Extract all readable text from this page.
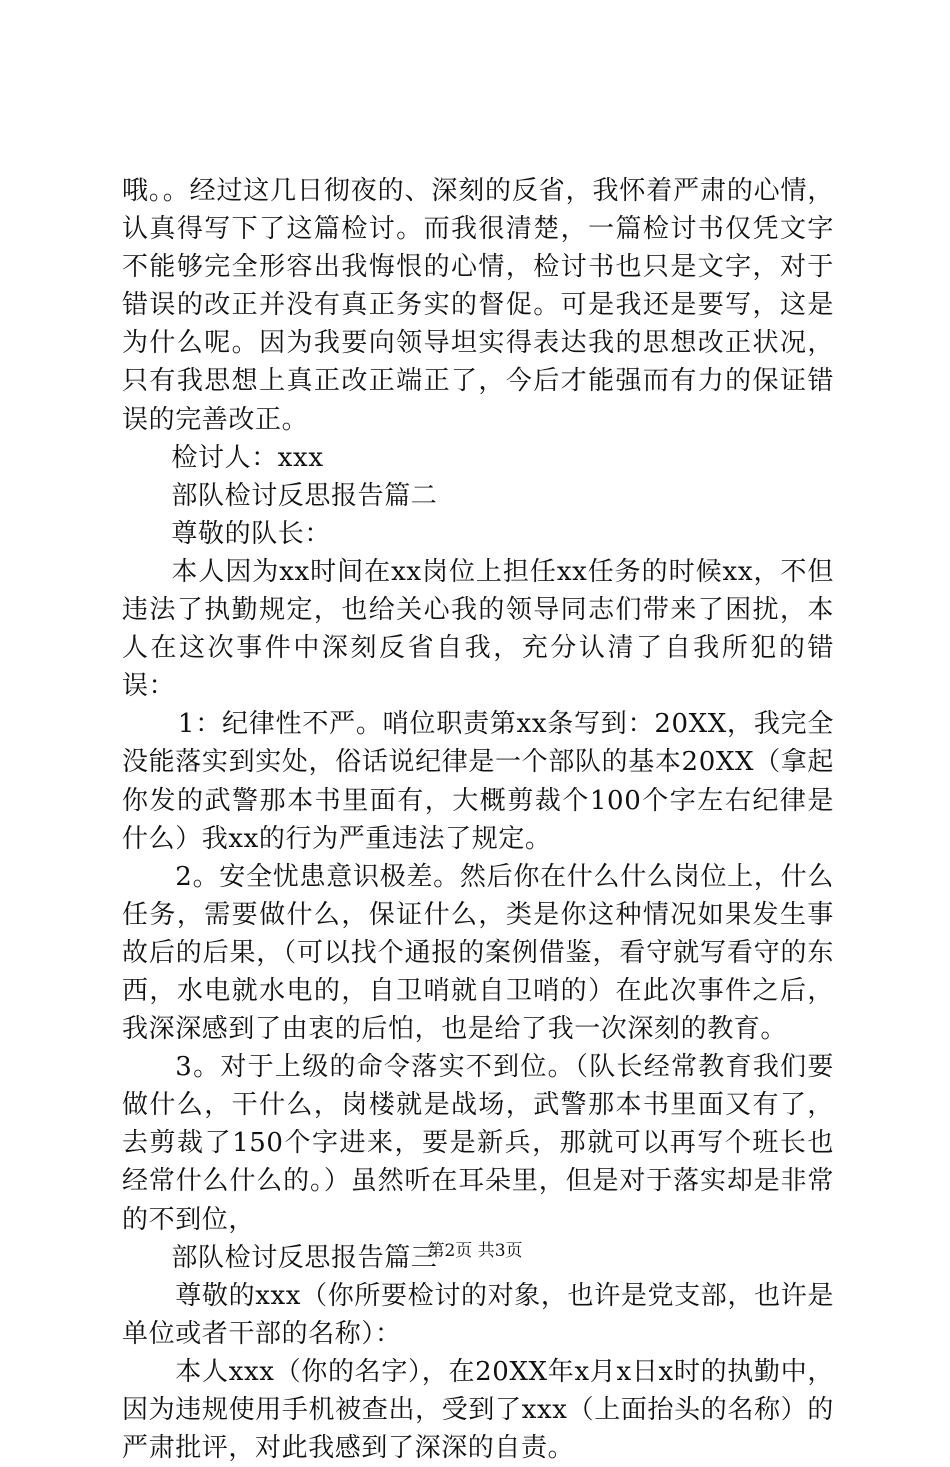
哦。。经过这几日彻夜的、深刻的反省，我怀着严肃的心情，认真得写下了这篇检讨。而我很清楚，一篇检讨书仅凭文字不能够完全形容出我悔恨的心情，检讨书也只是文字，对于错误的改正并没有真正务实的督促。可是我还是要写，这是为什么呢。因为我要向领导坦实得表达我的思想改正状况，只有我思想上真正改正端正了，今后才能强而有力的保证错误的完善改正。

检讨人：xxx

部队检讨反思报告篇二

尊敬的队长：

本人因为xx时间在xx岗位上担任xx任务的时候xx，不但违法了执勤规定，也给关心我的领导同志们带来了困扰，本人在这次事件中深刻反省自我，充分认清了自我所犯的错误：

1：纪律性不严。哨位职责第xx条写到：20XX，我完全没能落实到实处，俗话说纪律是一个部队的基本20XX（拿起你发的武警那本书里面有，大概剪裁个100个字左右纪律是什么）我xx的行为严重违法了规定。

2。安全忧患意识极差。然后你在什么什么岗位上，什么任务，需要做什么，保证什么，类是你这种情况如果发生事故后的后果，（可以找个通报的案例借鉴，看守就写看守的东西，水电就水电的，自卫哨就自卫哨的）在此次事件之后，我深深感到了由衷的后怕，也是给了我一次深刻的教育。

3。对于上级的命令落实不到位。（队长经常教育我们要做什么，干什么，岗楼就是战场，武警那本书里面又有了，去剪裁了150个字进来，要是新兵，那就可以再写个班长也经常什么什么的。）虽然听在耳朵里，但是对于落实却是非常的不到位，

部队检讨反思报告篇三

尊敬的xxx（你所要检讨的对象，也许是党支部，也许是单位或者干部的名称）：

本人xxx（你的名字），在20XX年x月x日x时的执勤中，因为违规使用手机被查出，受到了xxx（上面抬头的名称）的严肃批评，对此我感到了深深的自责。

第2页 共3页
